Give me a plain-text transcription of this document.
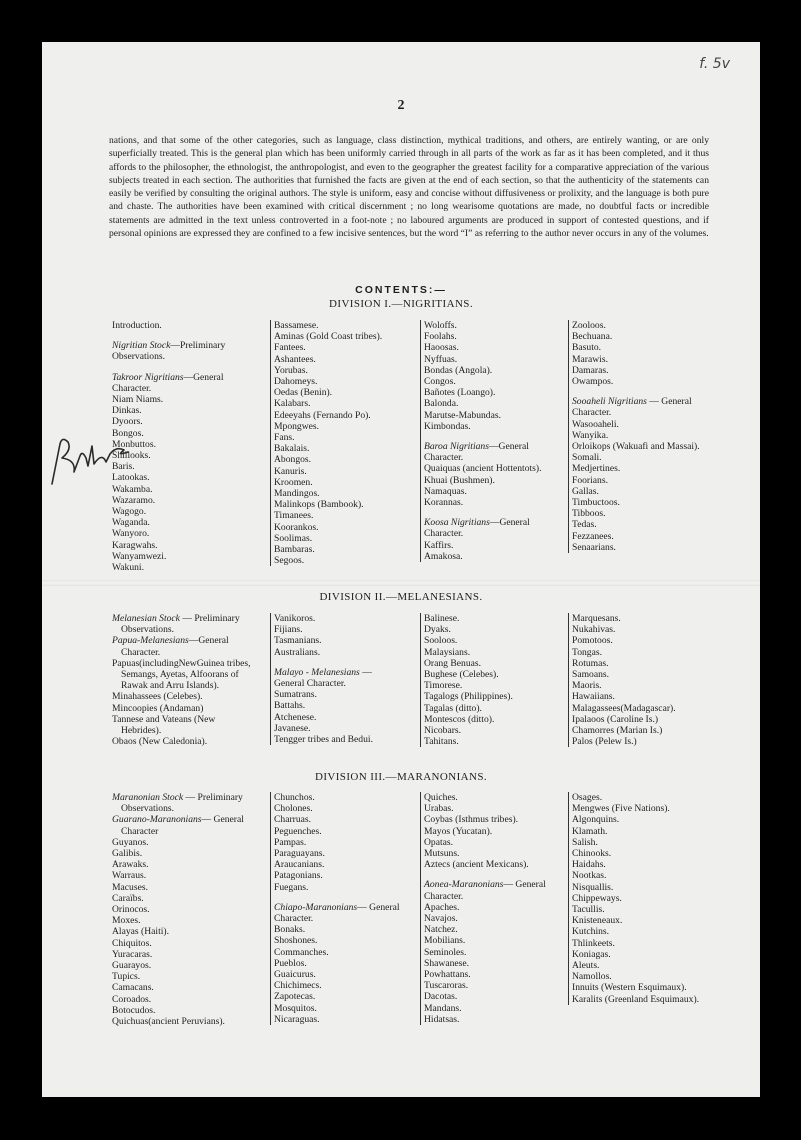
f. 5v
2

nations, and that some of the other categories, such as language, class distinction, mythical traditions, and others, are entirely wanting, or are only superficially treated. This is the general plan which has been uniformly carried through in all parts of the work as far as it has been completed, and it thus affords to the philosopher, the ethnologist, the anthropologist, and even to the geographer the greatest facility for a comparative appreciation of the various subjects treated in each section. The authorities that furnished the facts are given at the end of each section, so that the authenticity of the statements can easily be verified by consulting the original authors. The style is uniform, easy and concise without diffusiveness or prolixity, and the language is both pure and chaste. The authorities have been examined with critical discernment ; no long wearisome quotations are made, no doubtful facts or incredible statements are admitted in the text unless controverted in a foot-note ; no laboured arguments are produced in support of contested questions, and if personal opinions are expressed they are confined to a few incisive sentences, but the word “I” as referring to the author never occurs in any of the volumes.

CONTENTS:—
DIVISION I.—NIGRITIANS.

Introduction.

Nigritian Stock—Preliminary Observations.

Takroor Nigritians—General Character.

Niam Niams.

Dinkas.

Dyoors.

Bongos.

Monbuttos.

Shillooks.

Baris.

Latookas.

Wakamba.

Wazaramo.

Wagogo.

Waganda.

Wanyoro.

Karagwahs.

Wanyamwezi.

Wakuni.

Bassamese.

Aminas (Gold Coast tribes).

Fantees.

Ashantees.

Yorubas.

Dahomeys.

Oedas (Benin).

Kalabars.

Edeeyahs (Fernando Po).

Mpongwes.

Fans.

Bakalais.

Abongos.

Kanuris.

Kroomen.

Mandingos.

Malinkops (Bambook).

Timanees.

Koorankos.

Soolimas.

Bambaras.

Segoos.

Woloffs.

Foolahs.

Haoosas.

Nyffuas.

Bondas (Angola).

Congos.

Bañotes (Loango).

Balonda.

Marutse-Mabundas.

Kimbondas.

Baroa Nigritians—General Character.

Quaiquas (ancient Hottentots).

Khuai (Bushmen).

Namaquas.

Korannas.

Koosa Nigritians—General Character.

Kaffirs.

Amakosa.

Zooloos.

Bechuana.

Basuto.

Marawis.

Damaras.

Owampos.

Sooaheli Nigritians — General Character.

Wasooaheli.

Wanyika.

Orloikops (Wakuafi and Massai).

Somali.

Medjertines.

Foorians.

Gallas.

Timbuctoos.

Tibboos.

Tedas.

Fezzanees.

Senaarians.

DIVISION II.—MELANESIANS.

Melanesian Stock — Preliminary Observations.

Papua-Melanesians—General Character.

Papuas(includingNewGuinea tribes, Semangs, Ayetas, Alfoorans of Rawak and Arru Islands).

Minahassees (Celebes).

Mincoopies (Andaman)

Tannese and Vateans (New Hebrides).

Obaos (New Caledonia).

Vanikoros.

Fijians.

Tasmanians.

Australians.

Malayo - Melanesians — General Character.

Sumatrans.

Battahs.

Atchenese.

Javanese.

Tengger tribes and Bedui.

Balinese.

Dyaks.

Sooloos.

Malaysians.

Orang Benuas.

Bughese (Celebes).

Timorese.

Tagalogs (Philippines).

Tagalas (ditto).

Montescos (ditto).

Nicobars.

Tahitans.

Marquesans.

Nukahivas.

Pomotoos.

Tongas.

Rotumas.

Samoans.

Maoris.

Hawaiians.

Malagassees(Madagascar).

Ipalaoos (Caroline Is.)

Chamorres (Marian Is.)

Palos (Pelew Is.)

DIVISION III.—MARANONIANS.

Maranonian Stock — Preliminary Observations.

Guarano-Maranonians— General Character

Guyanos.

Galibis.

Arawaks.

Warraus.

Macuses.

Caraïbs.

Orinocos.

Moxes.

Alayas (Haiti).

Chiquitos.

Yuracaras.

Guarayos.

Tupics.

Camacans.

Coroados.

Botocudos.

Quichuas(ancient Peruvians).

Chunchos.

Cholones.

Charruas.

Peguenches.

Pampas.

Paraguayans.

Araucanians.

Patagonians.

Fuegans.

Chiapo-Maranonians— General Character.

Bonaks.

Shoshones.

Commanches.

Pueblos.

Guaicurus.

Chichimecs.

Zapotecas.

Mosquitos.

Nicaraguas.

Quiches.

Urabas.

Coybas (Isthmus tribes).

Mayos (Yucatan).

Opatas.

Mutsuns.

Aztecs (ancient Mexicans).

Aonea-Maranonians— General Character.

Apaches.

Navajos.

Natchez.

Mobilians.

Seminoles.

Shawanese.

Powhattans.

Tuscaroras.

Dacotas.

Mandans.

Hidatsas.

Osages.

Mengwes (Five Nations).

Algonquins.

Klamath.

Salish.

Chinooks.

Haidahs.

Nootkas.

Nisquallis.

Chippeways.

Tacullis.

Knisteneaux.

Kutchins.

Thlinkeets.

Koniagas.

Aleuts.

Namollos.

Innuits (Western Esquimaux).

Karalits (Greenland Esquimaux).
